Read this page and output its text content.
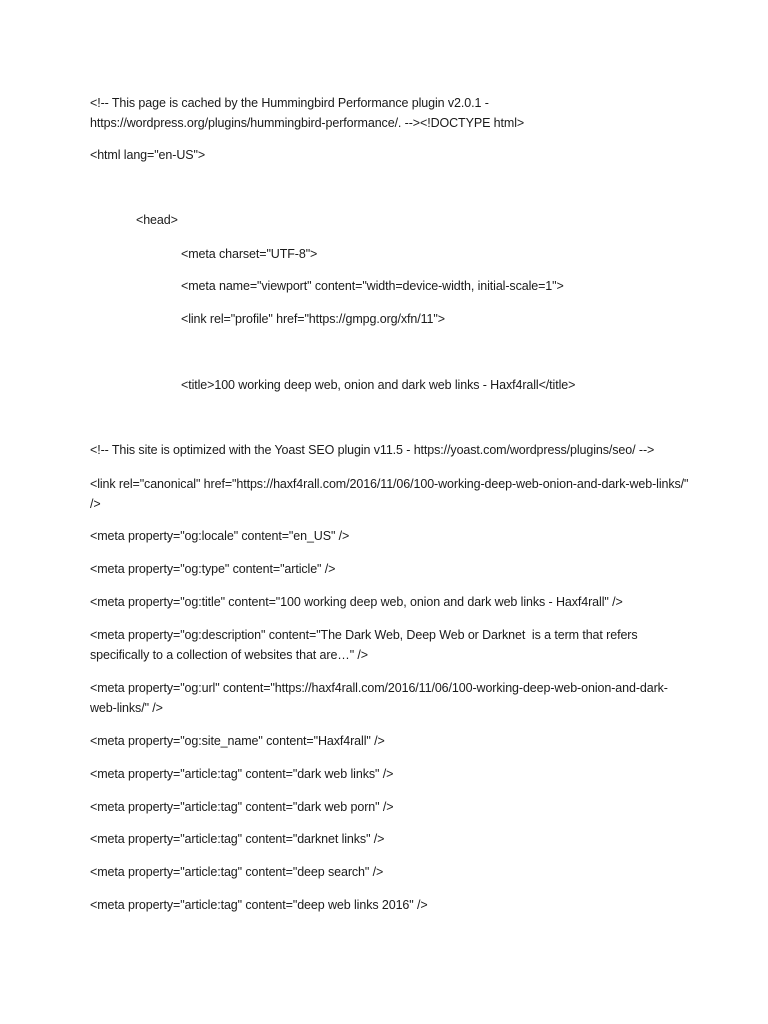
<!-- This page is cached by the Hummingbird Performance plugin v2.0.1 - https://wordpress.org/plugins/hummingbird-performance/. --><!DOCTYPE html>
<html lang="en-US">
<head>
<meta charset="UTF-8">
<meta name="viewport" content="width=device-width, initial-scale=1">
<link rel="profile" href="https://gmpg.org/xfn/11">
<title>100 working deep web, onion and dark web links - Haxf4rall</title>
<!-- This site is optimized with the Yoast SEO plugin v11.5 - https://yoast.com/wordpress/plugins/seo/ -->
<link rel="canonical" href="https://haxf4rall.com/2016/11/06/100-working-deep-web-onion-and-dark-web-links/" />
<meta property="og:locale" content="en_US" />
<meta property="og:type" content="article" />
<meta property="og:title" content="100 working deep web, onion and dark web links - Haxf4rall" />
<meta property="og:description" content="The Dark Web, Deep Web or Darknet  is a term that refers specifically to a collection of websites that are…" />
<meta property="og:url" content="https://haxf4rall.com/2016/11/06/100-working-deep-web-onion-and-dark-web-links/" />
<meta property="og:site_name" content="Haxf4rall" />
<meta property="article:tag" content="dark web links" />
<meta property="article:tag" content="dark web porn" />
<meta property="article:tag" content="darknet links" />
<meta property="article:tag" content="deep search" />
<meta property="article:tag" content="deep web links 2016" />
